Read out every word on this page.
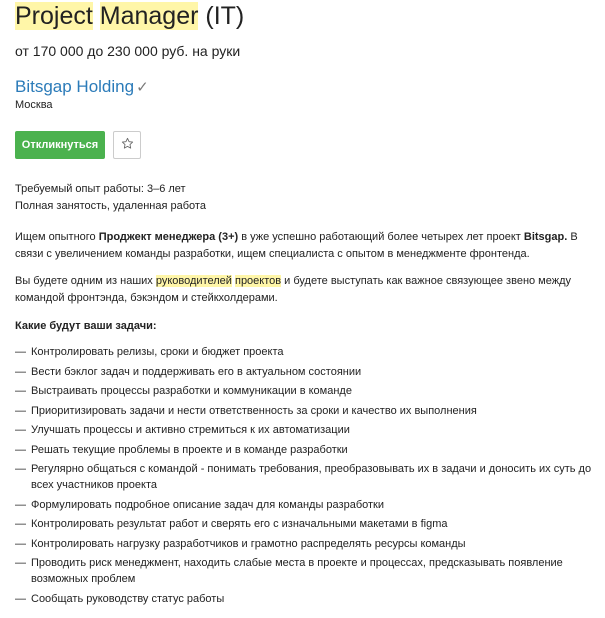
Project Manager (IT)
от 170 000 до 230 000 руб. на руки
Bitsgap Holding ✓
Москва
Откликнуться
Требуемый опыт работы: 3–6 лет
Полная занятость, удаленная работа

Ищем опытного Проджект менеджера (3+) в уже успешно работающий более четырех лет проект Bitsgap. В связи с увеличением команды разработки, ищем специалиста с опытом в менеджменте фронтенда.

Вы будете одним из наших руководителей проектов и будете выступать как важное связующее звено между командой фронтэнда, бэкэндом и стейкхолдерами.

Какие будут ваши задачи:
— Контролировать релизы, сроки и бюджет проекта
— Вести бэклог задач и поддерживать его в актуальном состоянии
— Выстраивать процессы разработки и коммуникации в команде
— Приоритизировать задачи и нести ответственность за сроки и качество их выполнения
— Улучшать процессы и активно стремиться к их автоматизации
— Решать текущие проблемы в проекте и в команде разработки
— Регулярно общаться с командой - понимать требования, преобразовывать их в задачи и доносить их суть до всех участников проекта
— Формулировать подробное описание задач для команды разработки
— Контролировать результат работ и сверять его с изначальными макетами в figma
— Контролировать нагрузку разработчиков и грамотно распределять ресурсы команды
— Проводить риск менеджмент, находить слабые места в проекте и процессах, предсказывать появление возможных проблем
— Сообщать руководству статус работы
